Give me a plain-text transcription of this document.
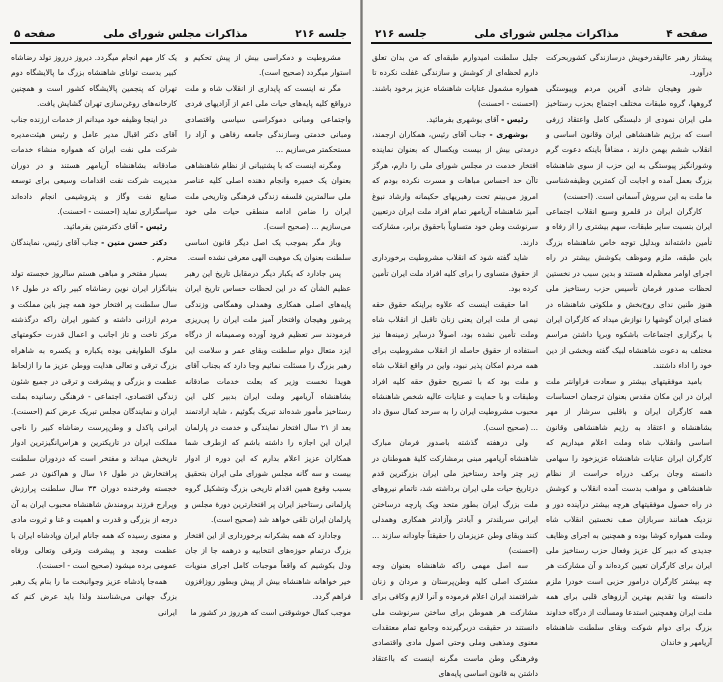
جلسه ۲۱۶
مذاکرات مجلس شورای ملی
صفحه ۵

مشروطیت و دمکراسی بیش از پیش تحکیم و استوار میگردد (صحیح است).

مگر نه اینست که پایداری از انقلاب شاه و ملت درواقع کلیه پایه‌های حیات ملی اعم از آزادیهای فردی واجتماعی ومبانی دموکراسی سیاسی واقتصادی ومبانی خدمتی وسازندگی جامعه رفاهی و آزاد را مستحکمتر می‌سازیم ...

ومگرنه اینست که با پشتیبانی از نظام شاهنشاهی بعنوان یک خمیره وانجام دهنده اصلی کلیه عناصر ملی سالمترین فلسفه زندگی فرهنگی وتاریخی ملت ایران را ضامن ادامه منطقی حیات ملی خود می‌سازیم ... (صحیح است).

وباز مگر بموجب یک اصل دیگر قانون اساسی سلطنت بعنوان یک موهبت الهی معرفی نشده است.

پس جادارد که یکبار دیگر درمقابل تاریخ این رهبر عظیم الشأن که در این لحظات حساس تاریخ ایران پایه‌های اصلی همکاری وهمدلی وهمگامی وزندگی پرشور وهیجان وافتخار آمیز ملت ایران را پی‌ریزی فرمودند سر تعظیم فرود آورده وصمیمانه از درگاه ایزد متعال دوام سلطنت وبقای عمر و سلامت این رهبر بزرگ را مسئلت نمائیم وجا دارد که بجناب آقای هویدا نخست وزیر که بعلت خدمات صادقانه بشاهنشاه آریامهر وملت ایران بدبیر کلی این رستاخیز مأمور شده‌اند تبریک بگوئیم ، شاید ارادتمند بعد از ۲۱ سال افتخار نمایندگی و خدمت در پارلمان ایران این اجازه را داشته باشم که ازطرف شما همکاران عزیز اعلام بدارم که این دوره از ادوار بیست و سه گانه مجلس شورای ملی ایران بتحقیق بسبب وقوع همین اقدام تاریخی بزرگ وتشکیل گروه پارلمانی رستاخیز ایران پر افتخارترین دورهٔ مجلس و پارلمان ایران تلقی خواهد شد (صحیح است).

وجادارد که همه بشکرانه برخورداری از این افتخار بزرگ درتمام حوزه‌های انتخابیه و درهمه جا از جان ودل بکوشیم که واقعاً موجبات کامل اجرای منویات خیر خواهانه شاهنشاه بیش از پیش وبطور روزافزون فراهم گردد.

موجب کمال خوشوقتی است که هرروز در کشور ما

یک کار مهم انجام میگردد. دیروز درروز تولد رضاشاه کبیر بدست توانای شاهنشاه بزرگ ما پالایشگاه دوم تهران که پنجمین پالایشگاه کشور است و همچنین کارخانه‌های روغن‌سازی تهران گشایش یافت.

در اینجا وظیفه خود میدانم از خدمات ارزنده جناب آقای دکتر اقبال مدیر عامل و رئیس هیئت‌مدیره شرکت ملی نفت ایران که همواره منشاء خدمات صادقانه بشاهنشاه آریامهر هستند و در دوران مدیریت شرکت نفت اقدامات وسیعی برای توسعه صنایع نفت وگاز و پتروشیمی انجام داده‌اند سپاسگزاری نماید (احسنت - احسنت).

رئیس - آقای دکترمتین بفرمائید.

دکتر حسن متین - جناب آقای رئیس، نمایندگان محترم .

بسیار مفتخر و مباهی هستم سالروز خجسته تولد بنیانگزار ایران نوین رضاشاه کبیر راکه در طول ۱۶ سال سلطنت پر افتخار خود همه چیز باین مملکت و مردم ارزانی داشته و کشور ایران راکه درگذشته مرکز تاخت و تاز اجانب و اعمال قدرت حکومتهای ملوک الطوایفی بوده یکباره و یکسره به شاهراه بزرگ ترقی و تعالی هدایت ووطن عزیز ما را ازلحاظ عظمت و بزرگی و پیشرفت و ترقی در جمیع شئون زندگی اقتصادی، اجتماعی - فرهنگی رسانیده بملت ایران و نمایندگان مجلس تبریک عرض کنم (احسنت). ایرانی پاکدل و وطن‌پرست رضاشاه کبیر را ناجی مملکت ایران در تاریکترین و هراس‌انگیزترین ادوار تاریخش میداند و مفتخر است که دردوران سلطنت پرافتخارش در طول ۱۶ سال و هم‌اکنون در عصر خجسته وفرخنده دوران ۳۳ سال سلطنت پرارزش وپرارج فرزند برومندش شاهنشاه محبوب ایران به آن درجه از بزرگی و قدرت و اهمیت و غنا و ثروت مادی و معنوی رسیده که همه جانام ایران وپادشاه ایران با عظمت ومجد و پیشرفت وترقی وتعالی ورفاه عمومی برده میشود (صحیح است - احسنت).

همه‌جا پادشاه عزیز وجوانبخت ما را بنام یک رهبر بزرگ جهانی می‌شناسند ولذا باید عرض کنم که ایرانی

صفحه ۴
مذاکرات مجلس شورای ملی
جلسه ۲۱۶

پیشتاز رهبر عالیقدرخویش درسازندگی کشوربحرکت درآورد.

شور وهیجان شادی آفرین مردم وپیوستگی گروهها، گروه طبقات مختلف اجتماع بحزب رستاخیز ملی ایران نمودی از دلبستگی کامل واعتقاد ژرفی است که برژیم شاهنشاهی ایران وقانون اساسی و انقلاب ششم بهمن دارند ، مضافاً باینکه دعوت گرم وشورانگیز پیوستگی به این حزب از سوی شاهنشاه بزرگ بعمل آمده و اجابت آن کمترین وظیفه‌شناسی ما ملت به این سروش آسمانی است. (احسنت)

کارگران ایران در قلمرو وسیع انقلاب اجتماعی ایران بنسبت سایر طبقات، سهم بیشتری را از رفاه و تأمین داشته‌اند وبدلیل توجه خاص شاهنشاه بزرگ باین طبقه، ملزم وموظف بکوشش بیشتر در راه اجرای اوامر معظم‌له هستند و بدین سبب در نخستین لحظات صدور فرمان تأسیس حزب رستاخیز ملی هنوز طنین ندای روح‌بخش و ملکوتی شاهنشاه در فضای ایران گوشها را نوازش میداد که کارگران ایران با برگزاری اجتماعات باشکوه وبرپا داشتن مراسم مختلف به دعوت شاهنشاه لبیک گفته وبخشی از دین خود را اداء داشتند.

بامید موفقیتهای بیشتر و سعادت فراوانتر ملت ایران در این مکان مقدس بعنوان ترجمان احساسات همه کارگران ایران و باقلبی سرشار از مهر بشاهنشاه و اعتقاد به رژیم شاهنشاهی وقانون اساسی وانقلاب شاه وملت اعلام میداریم که کارگران ایران عنایات شاهنشاه عزیزخود را سهامی دانسته وجان برکف درراه حراست از نظام شاهنشاهی و مواهب بدست آمده انقلاب و کوشش در راه حصول موفقیتهای هرچه بیشتر درآینده دور و نزدیک همانند سربازان صف نخستین انقلاب شاه وملت همواره کوشا بوده و همچنین به اجرای وظایف جدیدی که دبیر کل عزیز وفعال حزب رستاخیز ملی ایران برای کارگران تعیین کرده‌اند و آن مشارکت هر چه بیشتر کارگران درامور حزبی است خودرا ملزم دانسته وبا تقدیم بهترین آرزوهای قلبی برای همه ملت ایران وهمچنین استدعا ومسألت از درگاه خداوند بزرگ برای دوام شوکت وبقای سلطنت شاهنشاه آریامهر و خاندان

جلیل سلطنت امیدوارم طبقه‌ای که من بدان تعلق دارم لحظه‌ای از کوشش و سازندگی غفلت نکرده تا همواره مشمول عنایات شاهنشاه عزیز برخود باشند. (احسنت - احسنت)

رئیس - آقای بوشهری بفرمائید.

بوشهری - جناب آقای رئیس، همکاران ارجمند، درمدتی بیش از بیست ویکسال که بعنوان نماینده افتخار خدمت در مجلس شورای ملی را دارم، هرگز تاآن حد احساس مباهات و مسرت نکرده بودم که امروز می‌بینم تحت رهبریهای حکیمانه وارشاد نبوغ آمیز شاهنشاه آریامهر تمام افراد ملت ایران درتعیین سرنوشت وطن خود متساویاً باحقوق برابر، مشارکت دارند.

شاید گفته شود که انقلاب مشروطیت برخورداری از حقوق متساوی را برای کلیه افراد ملت ایران تأمین کرده بود.

اما حقیقت اینست که علاوه براینکه حقوق حقه نیمی از ملت ایران یعنی زنان تاقبل از انقلاب شاه وملت تأمین نشده بود، اصولاً درسایر زمینه‌ها نیز استفاده از حقوق حاصله از انقلاب مشروطیت برای همه مردم امکان پذیر نبود، واین در واقع انقلاب شاه و ملت بود که با تصریح حقوق حقه کلیه افراد وطبقات و با حمایت و عنایات عالیه شخص شاهنشاه محبوب مشروطیت ایران را به سرحد کمال سوق داد ... (صحیح است).

ولی درهفته گذشته باصدور فرمان مبارک شاهنشاه آریامهر مبنی برمشارکت کلیهٔ هموطنان در زیر چتر واحد رستاخیز ملی ایران بزرگترین قدم درتاریخ حیات ملی ایران برداشته شد، تاتمام نیروهای ملت بزرگ ایران بطور متحد ویک پارچه درساختن ایرانی سربلندتر و آبادتر وآزادتر همکاری وهمدلی کنند وبقای وطن عزیزمان را حقیقتاً جاودانه سازند ... (احسنت)

سه اصل مهمی راکه شاهنشاه بعنوان وجه مشترک اصلی کلیه وطن‌پرستان و مردان و زنان شرافتمند ایران اعلام فرموده و آنرا لازم وکافی برای مشارکت هر هموطن برای ساختن سرنوشت ملی دانستند در حقیقت دربرگیرنده وجامع تمام معتقدات معنوی ومذهبی وملی وحتی اصول مادی واقتصادی وفرهنگی وطن ماست مگرنه اینست که بااعتقاد داشتن به قانون اساسی پایه‌های
